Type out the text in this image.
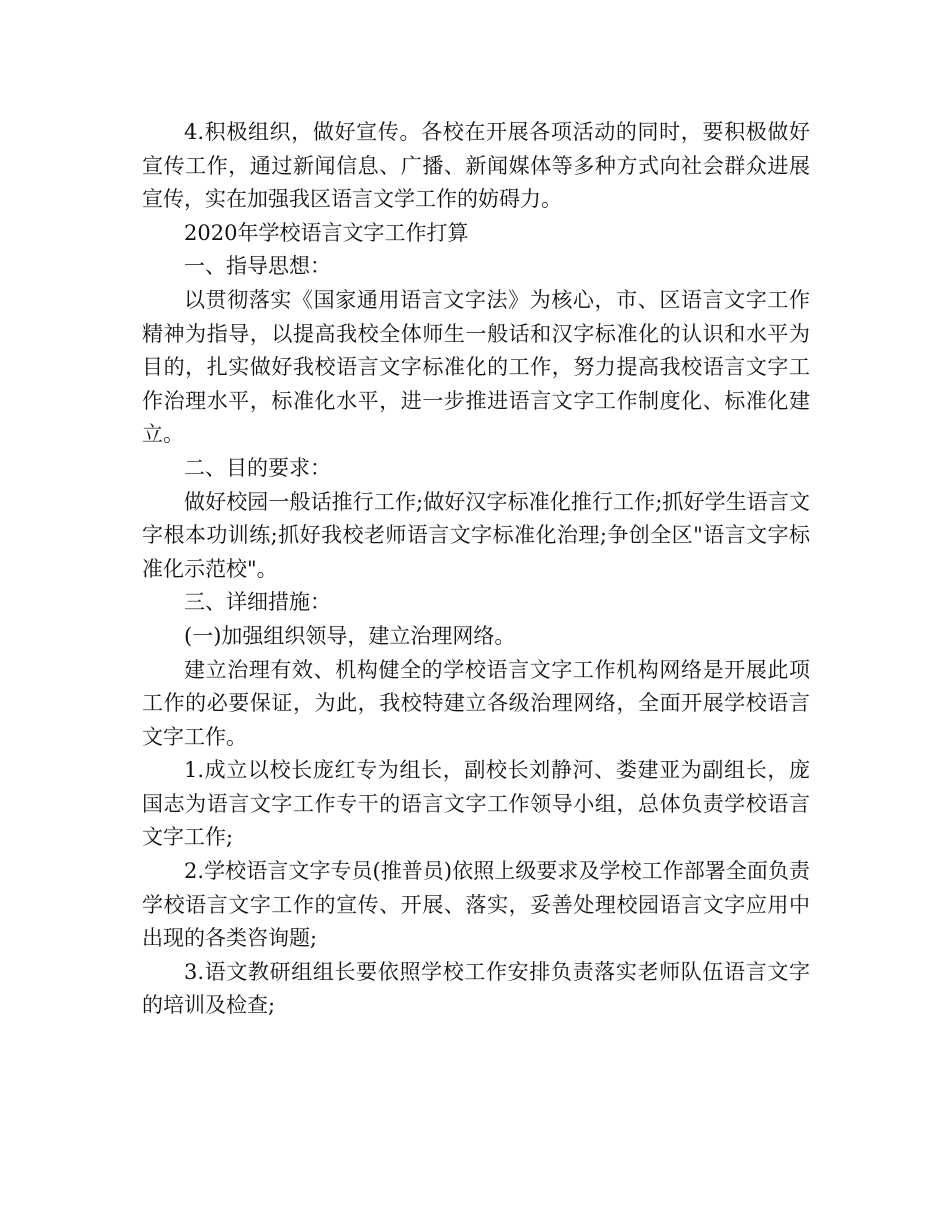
4.积极组织，做好宣传。各校在开展各项活动的同时，要积极做好宣传工作，通过新闻信息、广播、新闻媒体等多种方式向社会群众进展宣传，实在加强我区语言文学工作的妨碍力。

2020年学校语言文字工作打算

一、指导思想：

以贯彻落实《国家通用语言文字法》为核心，市、区语言文字工作精神为指导，以提高我校全体师生一般话和汉字标准化的认识和水平为目的，扎实做好我校语言文字标准化的工作，努力提高我校语言文字工作治理水平，标准化水平，进一步推进语言文字工作制度化、标准化建立。

二、目的要求：

做好校园一般话推行工作;做好汉字标准化推行工作;抓好学生语言文字根本功训练;抓好我校老师语言文字标准化治理;争创全区"语言文字标准化示范校"。

三、详细措施：

(一)加强组织领导，建立治理网络。

建立治理有效、机构健全的学校语言文字工作机构网络是开展此项工作的必要保证，为此，我校特建立各级治理网络，全面开展学校语言文字工作。

1.成立以校长庞红专为组长，副校长刘静河、娄建亚为副组长，庞国志为语言文字工作专干的语言文字工作领导小组，总体负责学校语言文字工作;

2.学校语言文字专员(推普员)依照上级要求及学校工作部署全面负责学校语言文字工作的宣传、开展、落实，妥善处理校园语言文字应用中出现的各类咨询题;

3.语文教研组组长要依照学校工作安排负责落实老师队伍语言文字的培训及检查;
